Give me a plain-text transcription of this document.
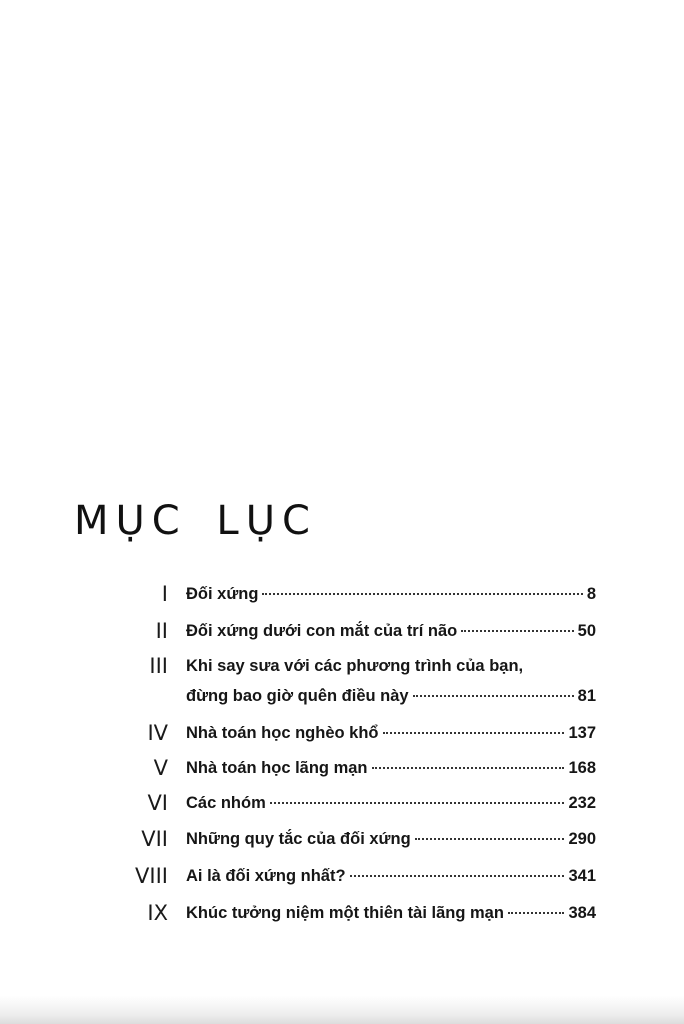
MỤC LỤC
I Đối xứng	8
II Đối xứng dưới con mắt của trí não	50
III Khi say sưa với các phương trình của bạn,
đừng bao giờ quên điều này	81
IV Nhà toán học nghèo khổ	137
V Nhà toán học lãng mạn	168
VI Các nhóm	232
VII Những quy tắc của đối xứng	290
VIII Ai là đối xứng nhất?	341
IX Khúc tưởng niệm một thiên tài lãng mạn	384
